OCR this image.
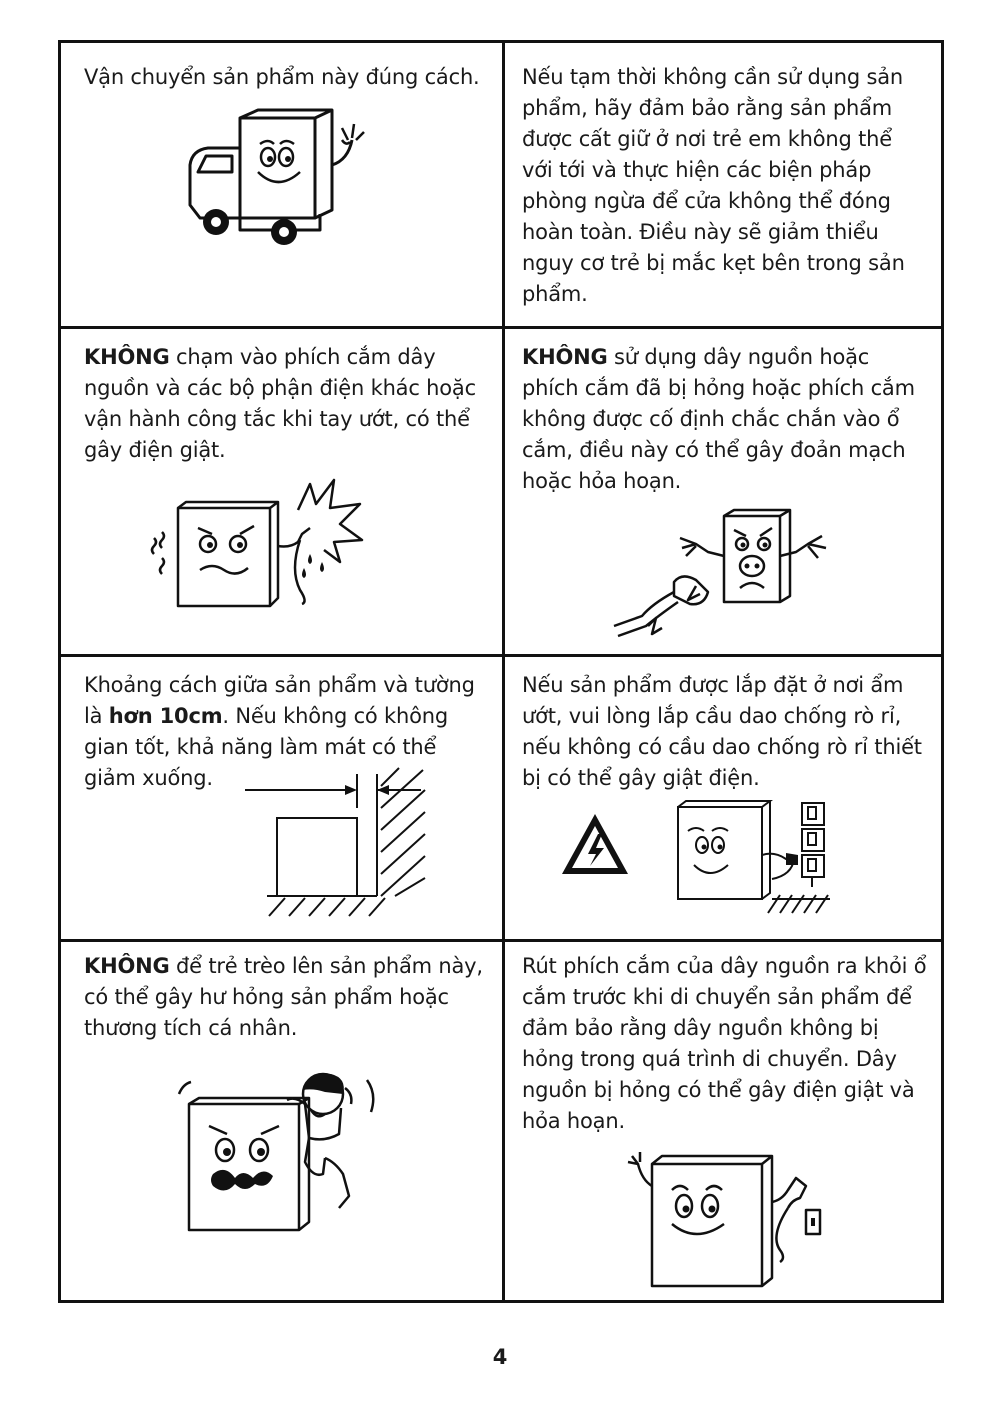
Vận chuyển sản phẩm này đúng cách.	Nếu tạm thời không cần sử dụng sản phẩm, hãy đảm bảo rằng sản phẩm được cất giữ ở nơi trẻ em không thể với tới và thực hiện các biện pháp phòng ngừa để cửa không thể đóng hoàn toàn. Điều này sẽ giảm thiểu nguy cơ trẻ bị mắc kẹt bên trong sản phẩm.
KHÔNG chạm vào phích cắm dây nguồn và các bộ phận điện khác hoặc vận hành công tắc khi tay ướt, có thể gây điện giật.
KHÔNG sử dụng dây nguồn hoặc phích cắm đã bị hỏng hoặc phích cắm không được cố định chắc chắn vào ổ cắm, điều này có thể gây đoản mạch hoặc hỏa hoạn.
Khoảng cách giữa sản phẩm và tường là hơn 10cm. Nếu không có không gian tốt, khả năng làm mát có thể giảm xuống.
Nếu sản phẩm được lắp đặt ở nơi ẩm ướt, vui lòng lắp cầu dao chống rò rỉ, nếu không có cầu dao chống rò rỉ thiết bị có thể gây giật điện.
KHÔNG để trẻ trèo lên sản phẩm này, có thể gây hư hỏng sản phẩm hoặc thương tích cá nhân.
Rút phích cắm của dây nguồn ra khỏi ổ cắm trước khi di chuyển sản phẩm để đảm bảo rằng dây nguồn không bị hỏng trong quá trình di chuyển. Dây nguồn bị hỏng có thể gây điện giật và hỏa hoạn.
4
